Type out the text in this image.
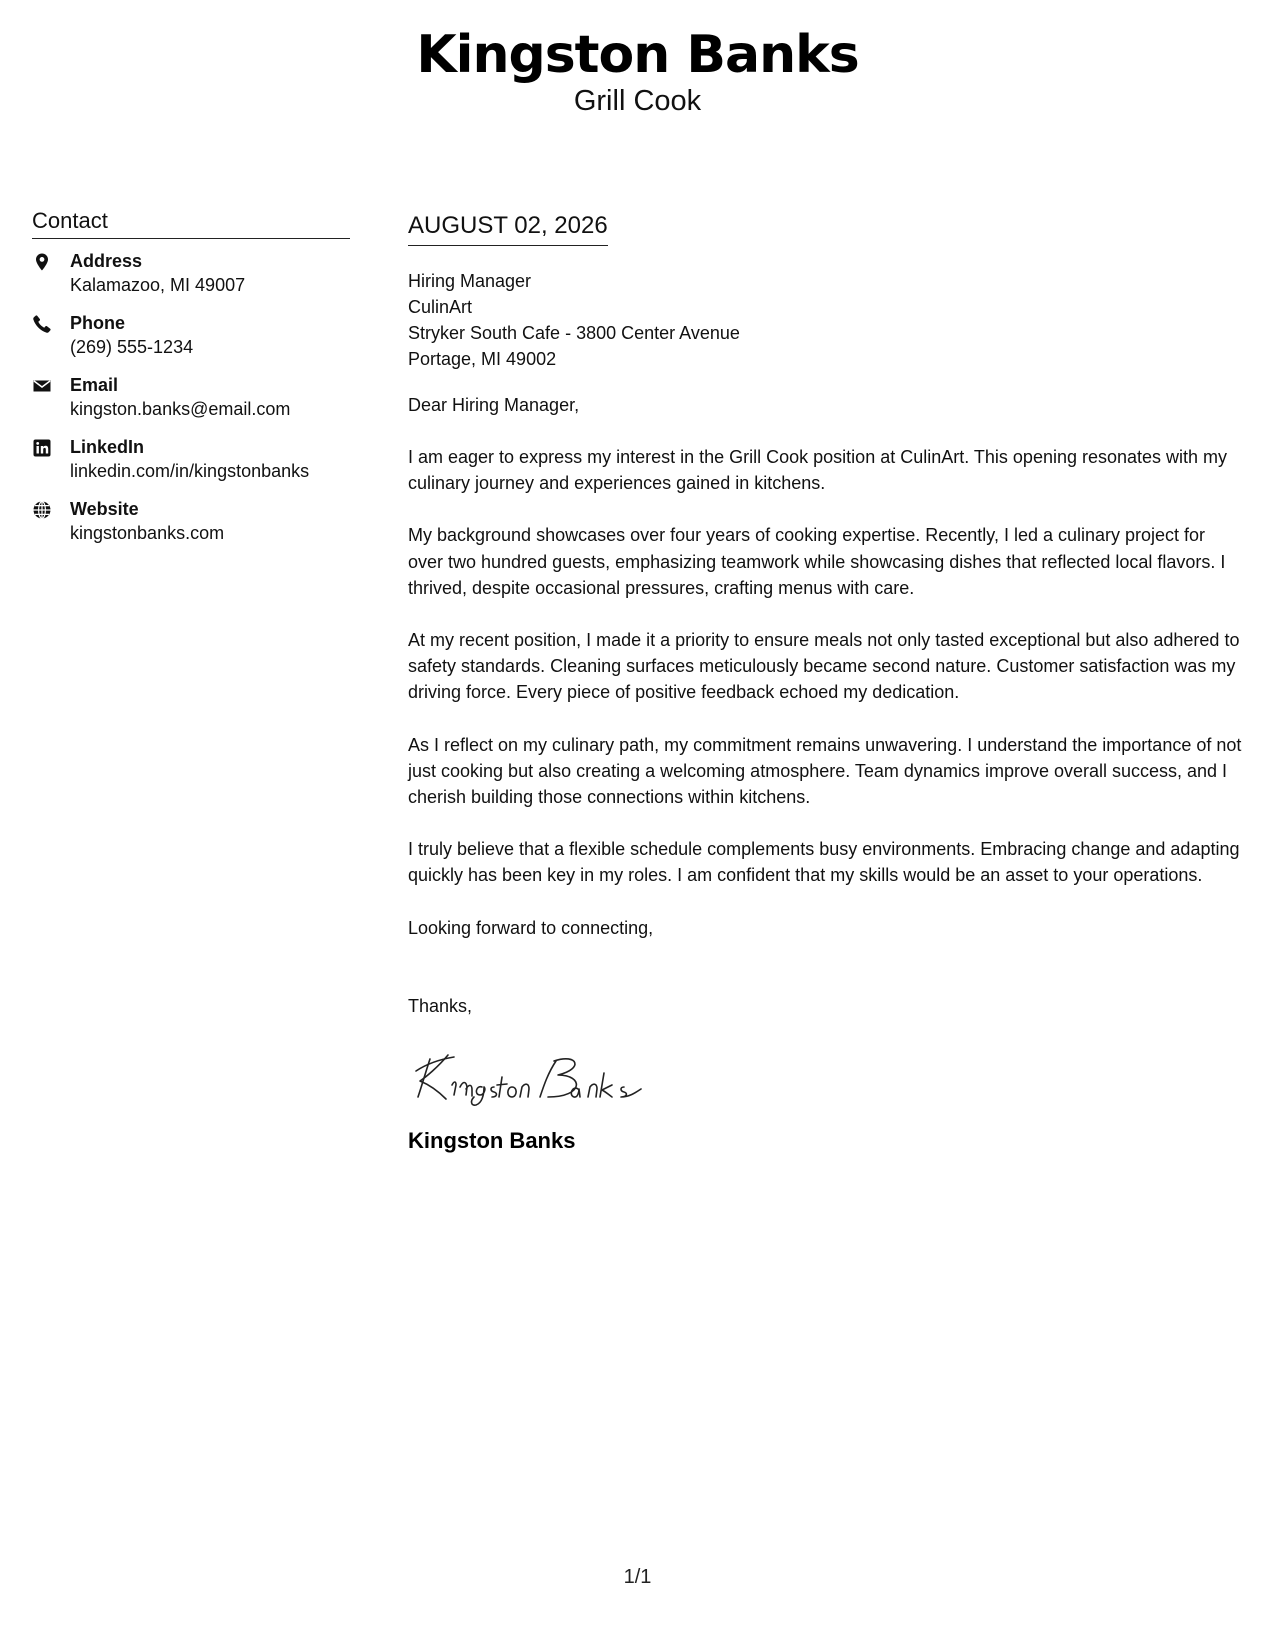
Kingston Banks
Grill Cook
Contact
Address
Kalamazoo, MI 49007
Phone
(269) 555-1234
Email
kingston.banks@email.com
LinkedIn
linkedin.com/in/kingstonbanks
Website
kingstonbanks.com
AUGUST 02, 2026
Hiring Manager
CulinArt
Stryker South Cafe - 3800 Center Avenue
Portage, MI 49002
Dear Hiring Manager,

I am eager to express my interest in the Grill Cook position at CulinArt. This opening resonates with my culinary journey and experiences gained in kitchens.

My background showcases over four years of cooking expertise. Recently, I led a culinary project for over two hundred guests, emphasizing teamwork while showcasing dishes that reflected local flavors. I thrived, despite occasional pressures, crafting menus with care.

At my recent position, I made it a priority to ensure meals not only tasted exceptional but also adhered to safety standards. Cleaning surfaces meticulously became second nature. Customer satisfaction was my driving force. Every piece of positive feedback echoed my dedication.

As I reflect on my culinary path, my commitment remains unwavering. I understand the importance of not just cooking but also creating a welcoming atmosphere. Team dynamics improve overall success, and I cherish building those connections within kitchens.

I truly believe that a flexible schedule complements busy environments. Embracing change and adapting quickly has been key in my roles. I am confident that my skills would be an asset to your operations.

Looking forward to connecting,
Thanks,
Kingston Banks
1/1
